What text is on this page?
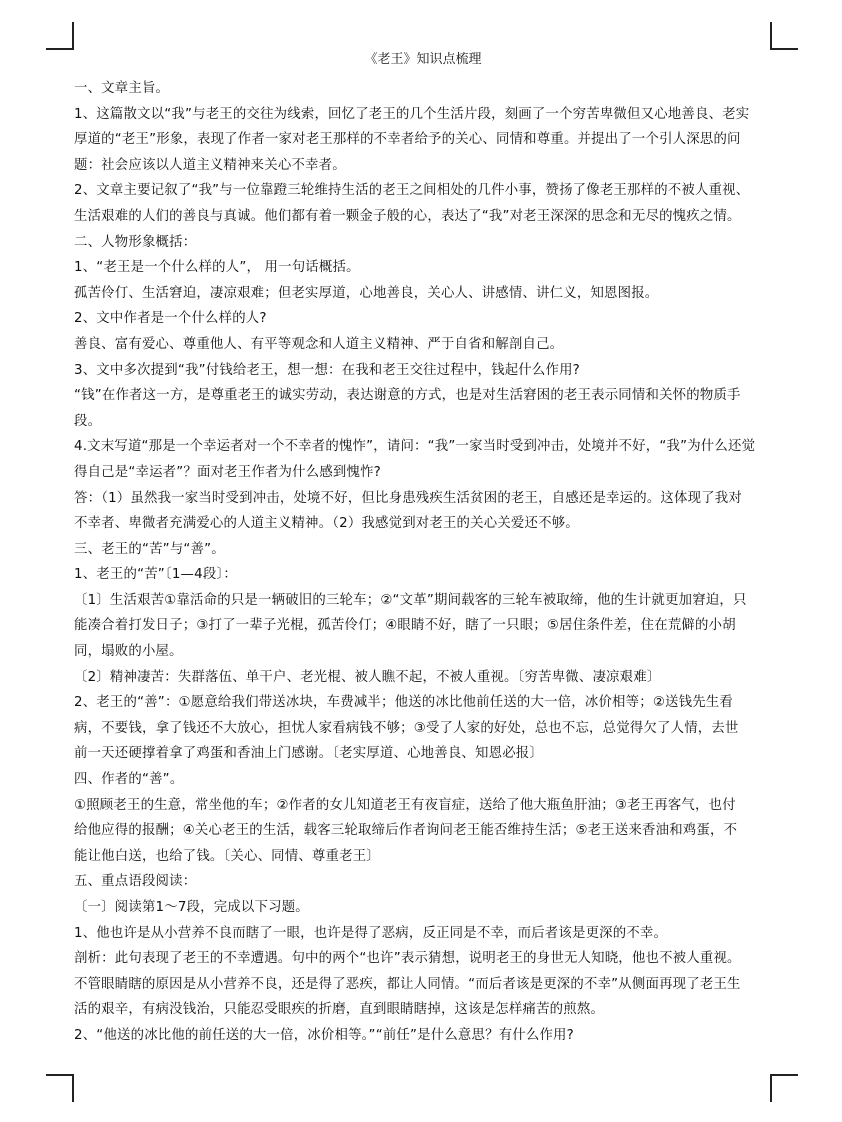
《老王》知识点梳理
一、文章主旨。
1、这篇散文以“我”与老王的交往为线索，回忆了老王的几个生活片段，刻画了一个穷苦卑微但又心地善良、老实
厚道的“老王”形象，表现了作者一家对老王那样的不幸者给予的关心、同情和尊重。并提出了一个引人深思的问
题：社会应该以人道主义精神来关心不幸者。
2、文章主要记叙了“我”与一位靠蹬三轮维持生活的老王之间相处的几件小事，赞扬了像老王那样的不被人重视、
生活艰难的人们的善良与真诚。他们都有着一颗金子般的心，表达了“我”对老王深深的思念和无尽的愧疚之情。
二、人物形象概括：
1、“老王是一个什么样的人”， 用一句话概括。
孤苦伶仃、生活窘迫，凄凉艰难；但老实厚道，心地善良，关心人、讲感情、讲仁义，知恩图报。
2、文中作者是一个什么样的人?
善良、富有爱心、尊重他人、有平等观念和人道主义精神、严于自省和解剖自己。
3、文中多次提到“我”付钱给老王，想一想：在我和老王交往过程中，钱起什么作用?
“钱”在作者这一方，是尊重老王的诚实劳动，表达谢意的方式，也是对生活窘困的老王表示同情和关怀的物质手
段。
4.文末写道“那是一个幸运者对一个不幸者的愧怍”，请问：“我”一家当时受到冲击，处境并不好，“我”为什么还觉
得自己是“幸运者”？面对老王作者为什么感到愧怍?
答：（1）虽然我一家当时受到冲击，处境不好，但比身患残疾生活贫困的老王，自感还是幸运的。这体现了我对
不幸者、卑微者充满爱心的人道主义精神。（2）我感觉到对老王的关心关爱还不够。
三、老王的“苦”与“善”。
1、老王的“苦”〔1—4段〕：
〔1〕生活艰苦①靠活命的只是一辆破旧的三轮车；②“文革”期间载客的三轮车被取缔，他的生计就更加窘迫，只
能凑合着打发日子；③打了一辈子光棍，孤苦伶仃；④眼睛不好，瞎了一只眼；⑤居住条件差，住在荒僻的小胡
同，塌败的小屋。
〔2〕精神凄苦：失群落伍、单干户、老光棍、被人瞧不起，不被人重视。〔穷苦卑微、凄凉艰难〕
2、老王的“善”：①愿意给我们带送冰块，车费减半；他送的冰比他前任送的大一倍，冰价相等；②送钱先生看
病，不要钱，拿了钱还不大放心，担忧人家看病钱不够；③受了人家的好处，总也不忘，总觉得欠了人情，去世
前一天还硬撑着拿了鸡蛋和香油上门感谢。〔老实厚道、心地善良、知恩必报〕
四、作者的“善”。
①照顾老王的生意，常坐他的车；②作者的女儿知道老王有夜盲症，送给了他大瓶鱼肝油；③老王再客气，也付
给他应得的报酬；④关心老王的生活，载客三轮取缔后作者询问老王能否维持生活；⑤老王送来香油和鸡蛋，不
能让他白送，也给了钱。〔关心、同情、尊重老王〕
五、重点语段阅读：
〔一〕阅读第1～7段，完成以下习题。
1、他也许是从小营养不良而瞎了一眼，也许是得了恶病，反正同是不幸，而后者该是更深的不幸。
剖析：此句表现了老王的不幸遭遇。句中的两个“也许”表示猜想，说明老王的身世无人知晓，他也不被人重视。
不管眼睛瞎的原因是从小营养不良，还是得了恶疾，都让人同情。“而后者该是更深的不幸”从侧面再现了老王生
活的艰辛，有病没钱治，只能忍受眼疾的折磨，直到眼睛瞎掉，这该是怎样痛苦的煎熬。
2、“他送的冰比他的前任送的大一倍，冰价相等。”“前任”是什么意思？有什么作用?
